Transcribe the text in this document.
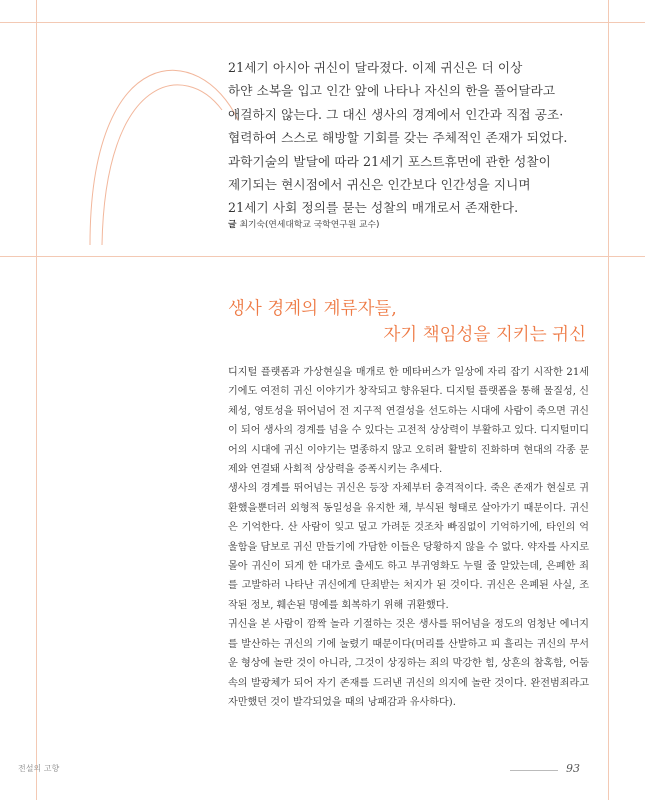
21세기 아시아 귀신이 달라졌다. 이제 귀신은 더 이상

하얀 소복을 입고 인간 앞에 나타나 자신의 한을 풀어달라고

애걸하지 않는다. 그 대신 생사의 경계에서 인간과 직접 공조·

협력하여 스스로 해방할 기회를 갖는 주체적인 존재가 되었다.

과학기술의 발달에 따라 21세기 포스트휴먼에 관한 성찰이

제기되는 현시점에서 귀신은 인간보다 인간성을 지니며

21세기 사회 정의를 묻는 성찰의 매개로서 존재한다.

글 최기숙(연세대학교 국학연구원 교수)
생사 경계의 계류자들,
자기 책임성을 지키는 귀신

디지털 플랫폼과 가상현실을 매개로 한 메타버스가 일상에 자리 잡기 시작한 21세기에도 여전히 귀신 이야기가 창작되고 향유된다. 디지털 플랫폼을 통해 물질성, 신체성, 영토성을 뛰어넘어 전 지구적 연결성을 선도하는 시대에 사람이 죽으면 귀신이 되어 생사의 경계를 넘을 수 있다는 고전적 상상력이 부활하고 있다. 디지털미디어의 시대에 귀신 이야기는 멸종하지 않고 오히려 활발히 진화하며 현대의 각종 문제와 연결돼 사회적 상상력을 증폭시키는 추세다.

생사의 경계를 뛰어넘는 귀신은 등장 자체부터 충격적이다. 죽은 존재가 현실로 귀환했을뿐더러 외형적 동일성을 유지한 채, 부식된 형태로 살아가기 때문이다. 귀신은 기억한다. 산 사람이 잊고 덮고 가려둔 것조차 빠짐없이 기억하기에, 타인의 억울함을 담보로 귀신 만들기에 가담한 이들은 당황하지 않을 수 없다. 약자를 사지로 몰아 귀신이 되게 한 대가로 출세도 하고 부귀영화도 누릴 줄 알았는데, 은폐한 죄를 고발하러 나타난 귀신에게 단죄받는 처지가 된 것이다. 귀신은 은폐된 사실, 조작된 정보, 훼손된 명예를 회복하기 위해 귀환했다.

귀신을 본 사람이 깜짝 놀라 기절하는 것은 생사를 뛰어넘을 정도의 엄청난 에너지를 발산하는 귀신의 기에 눌렸기 때문이다(머리를 산발하고 피 흘리는 귀신의 무서운 형상에 놀란 것이 아니라, 그것이 상징하는 죄의 막강한 힘, 상흔의 참혹함, 어둠 속의 발광체가 되어 자기 존재를 드러낸 귀신의 의지에 놀란 것이다. 완전범죄라고 자만했던 것이 발각되었을 때의 낭패감과 유사하다).

전설의 고향	93
